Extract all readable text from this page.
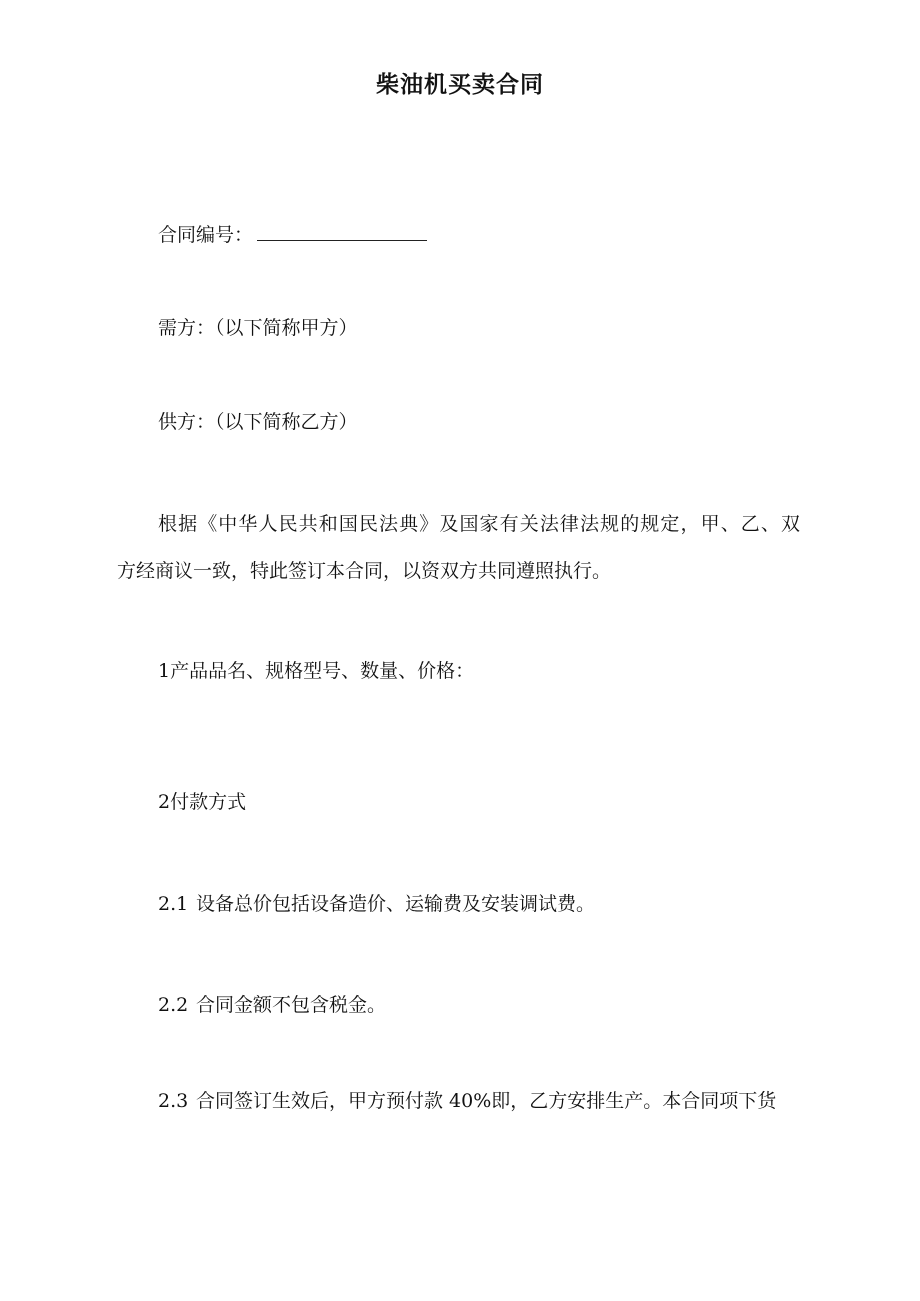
柴油机买卖合同
合同编号：
需方：（以下简称甲方）
供方：（以下简称乙方）
根据《中华人民共和国民法典》及国家有关法律法规的规定，甲、乙、双
方经商议一致，特此签订本合同，以资双方共同遵照执行。
1产品品名、规格型号、数量、价格：
2付款方式
2.1 设备总价包括设备造价、运输费及安装调试费。
2.2 合同金额不包含税金。
2.3 合同签订生效后，甲方预付款 40%即，乙方安排生产。本合同项下货
